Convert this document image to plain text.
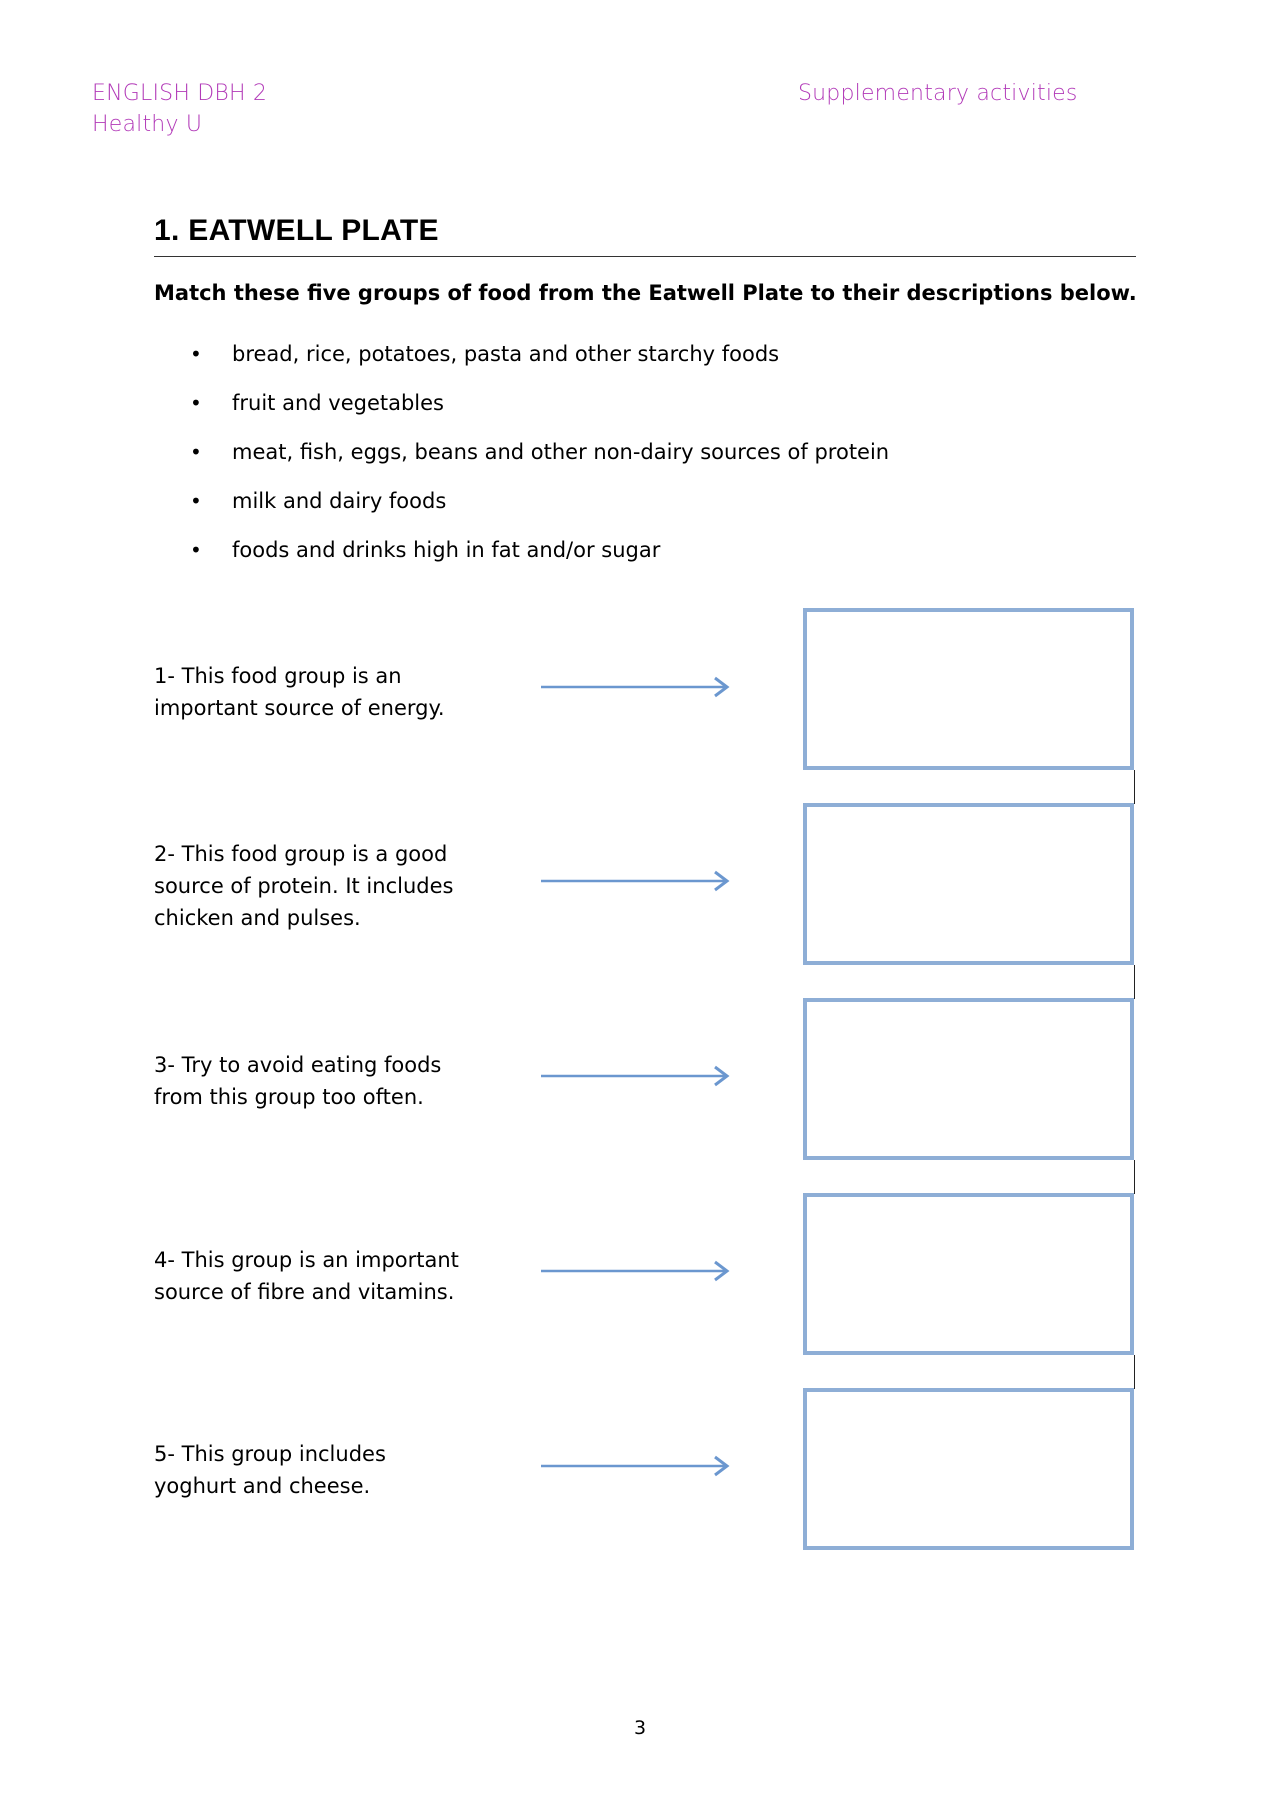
ENGLISH DBH 2
Healthy U
Supplementary activities
1. EATWELL PLATE
Match these five groups of food from the Eatwell Plate to their descriptions below.
•	bread, rice, potatoes, pasta and other starchy foods
•	fruit and vegetables
•	meat, fish, eggs, beans and other non-dairy sources of protein
•	milk and dairy foods
•	foods and drinks high in fat and/or sugar
1- This food group is an
important source of energy.
2- This food group is a good
source of protein. It includes
chicken and pulses.
3- Try to avoid eating foods
from this group too often.
4- This group is an important
source of fibre and vitamins.
5- This group includes
yoghurt and cheese.
3
